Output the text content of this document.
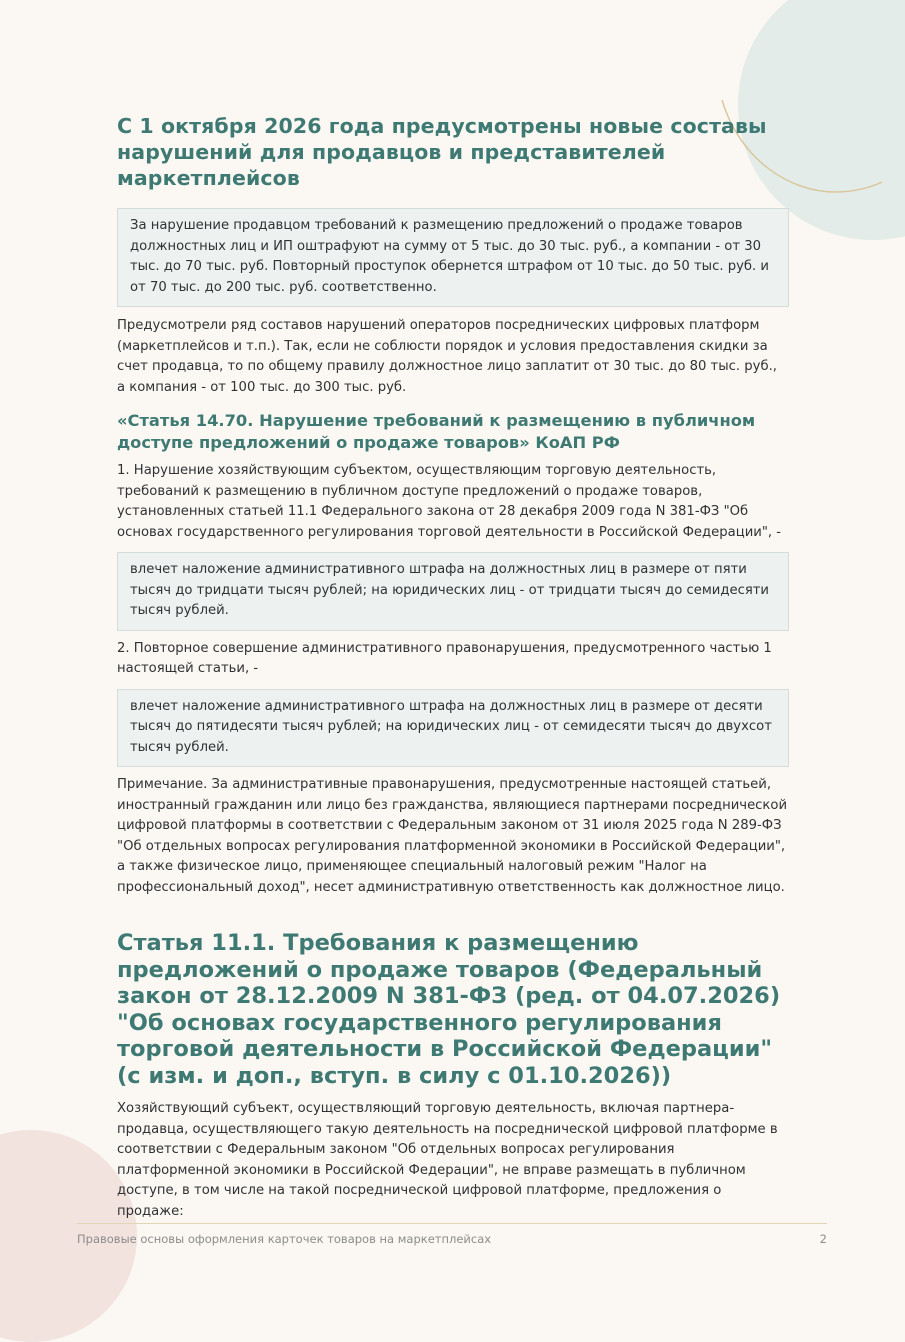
С 1 октября 2026 года предусмотрены новые составы нарушений для продавцов и представителей маркетплейсов
За нарушение продавцом требований к размещению предложений о продаже товаров должностных лиц и ИП оштрафуют на сумму от 5 тыс. до 30 тыс. руб., а компании - от 30 тыс. до 70 тыс. руб. Повторный проступок обернется штрафом от 10 тыс. до 50 тыс. руб. и от 70 тыс. до 200 тыс. руб. соответственно.

Предусмотрели ряд составов нарушений операторов посреднических цифровых платформ (маркетплейсов и т.п.). Так, если не соблюсти порядок и условия предоставления скидки за счет продавца, то по общему правилу должностное лицо заплатит от 30 тыс. до 80 тыс. руб., а компания - от 100 тыс. до 300 тыс. руб.

«Статья 14.70. Нарушение требований к размещению в публичном доступе предложений о продаже товаров» КоАП РФ

1. Нарушение хозяйствующим субъектом, осуществляющим торговую деятельность, требований к размещению в публичном доступе предложений о продаже товаров, установленных статьей 11.1 Федерального закона от 28 декабря 2009 года N 381-ФЗ "Об основах государственного регулирования торговой деятельности в Российской Федерации", -

влечет наложение административного штрафа на должностных лиц в размере от пяти тысяч до тридцати тысяч рублей; на юридических лиц - от тридцати тысяч до семидесяти тысяч рублей.

2. Повторное совершение административного правонарушения, предусмотренного частью 1 настоящей статьи, -

влечет наложение административного штрафа на должностных лиц в размере от десяти тысяч до пятидесяти тысяч рублей; на юридических лиц - от семидесяти тысяч до двухсот тысяч рублей.

Примечание. За административные правонарушения, предусмотренные настоящей статьей, иностранный гражданин или лицо без гражданства, являющиеся партнерами посреднической цифровой платформы в соответствии с Федеральным законом от 31 июля 2025 года N 289-ФЗ "Об отдельных вопросах регулирования платформенной экономики в Российской Федерации", а также физическое лицо, применяющее специальный налоговый режим "Налог на профессиональный доход", несет административную ответственность как должностное лицо.

Статья 11.1. Требования к размещению предложений о продаже товаров (Федеральный закон от 28.12.2009 N 381-ФЗ (ред. от 04.07.2026) "Об основах государственного регулирования торговой деятельности в Российской Федерации" (с изм. и доп., вступ. в силу с 01.10.2026))

Хозяйствующий субъект, осуществляющий торговую деятельность, включая партнера-продавца, осуществляющего такую деятельность на посреднической цифровой платформе в соответствии с Федеральным законом "Об отдельных вопросах регулирования платформенной экономики в Российской Федерации", не вправе размещать в публичном доступе, в том числе на такой посреднической цифровой платформе, предложения о продаже:

Правовые основы оформления карточек товаров на маркетплейсах	2
